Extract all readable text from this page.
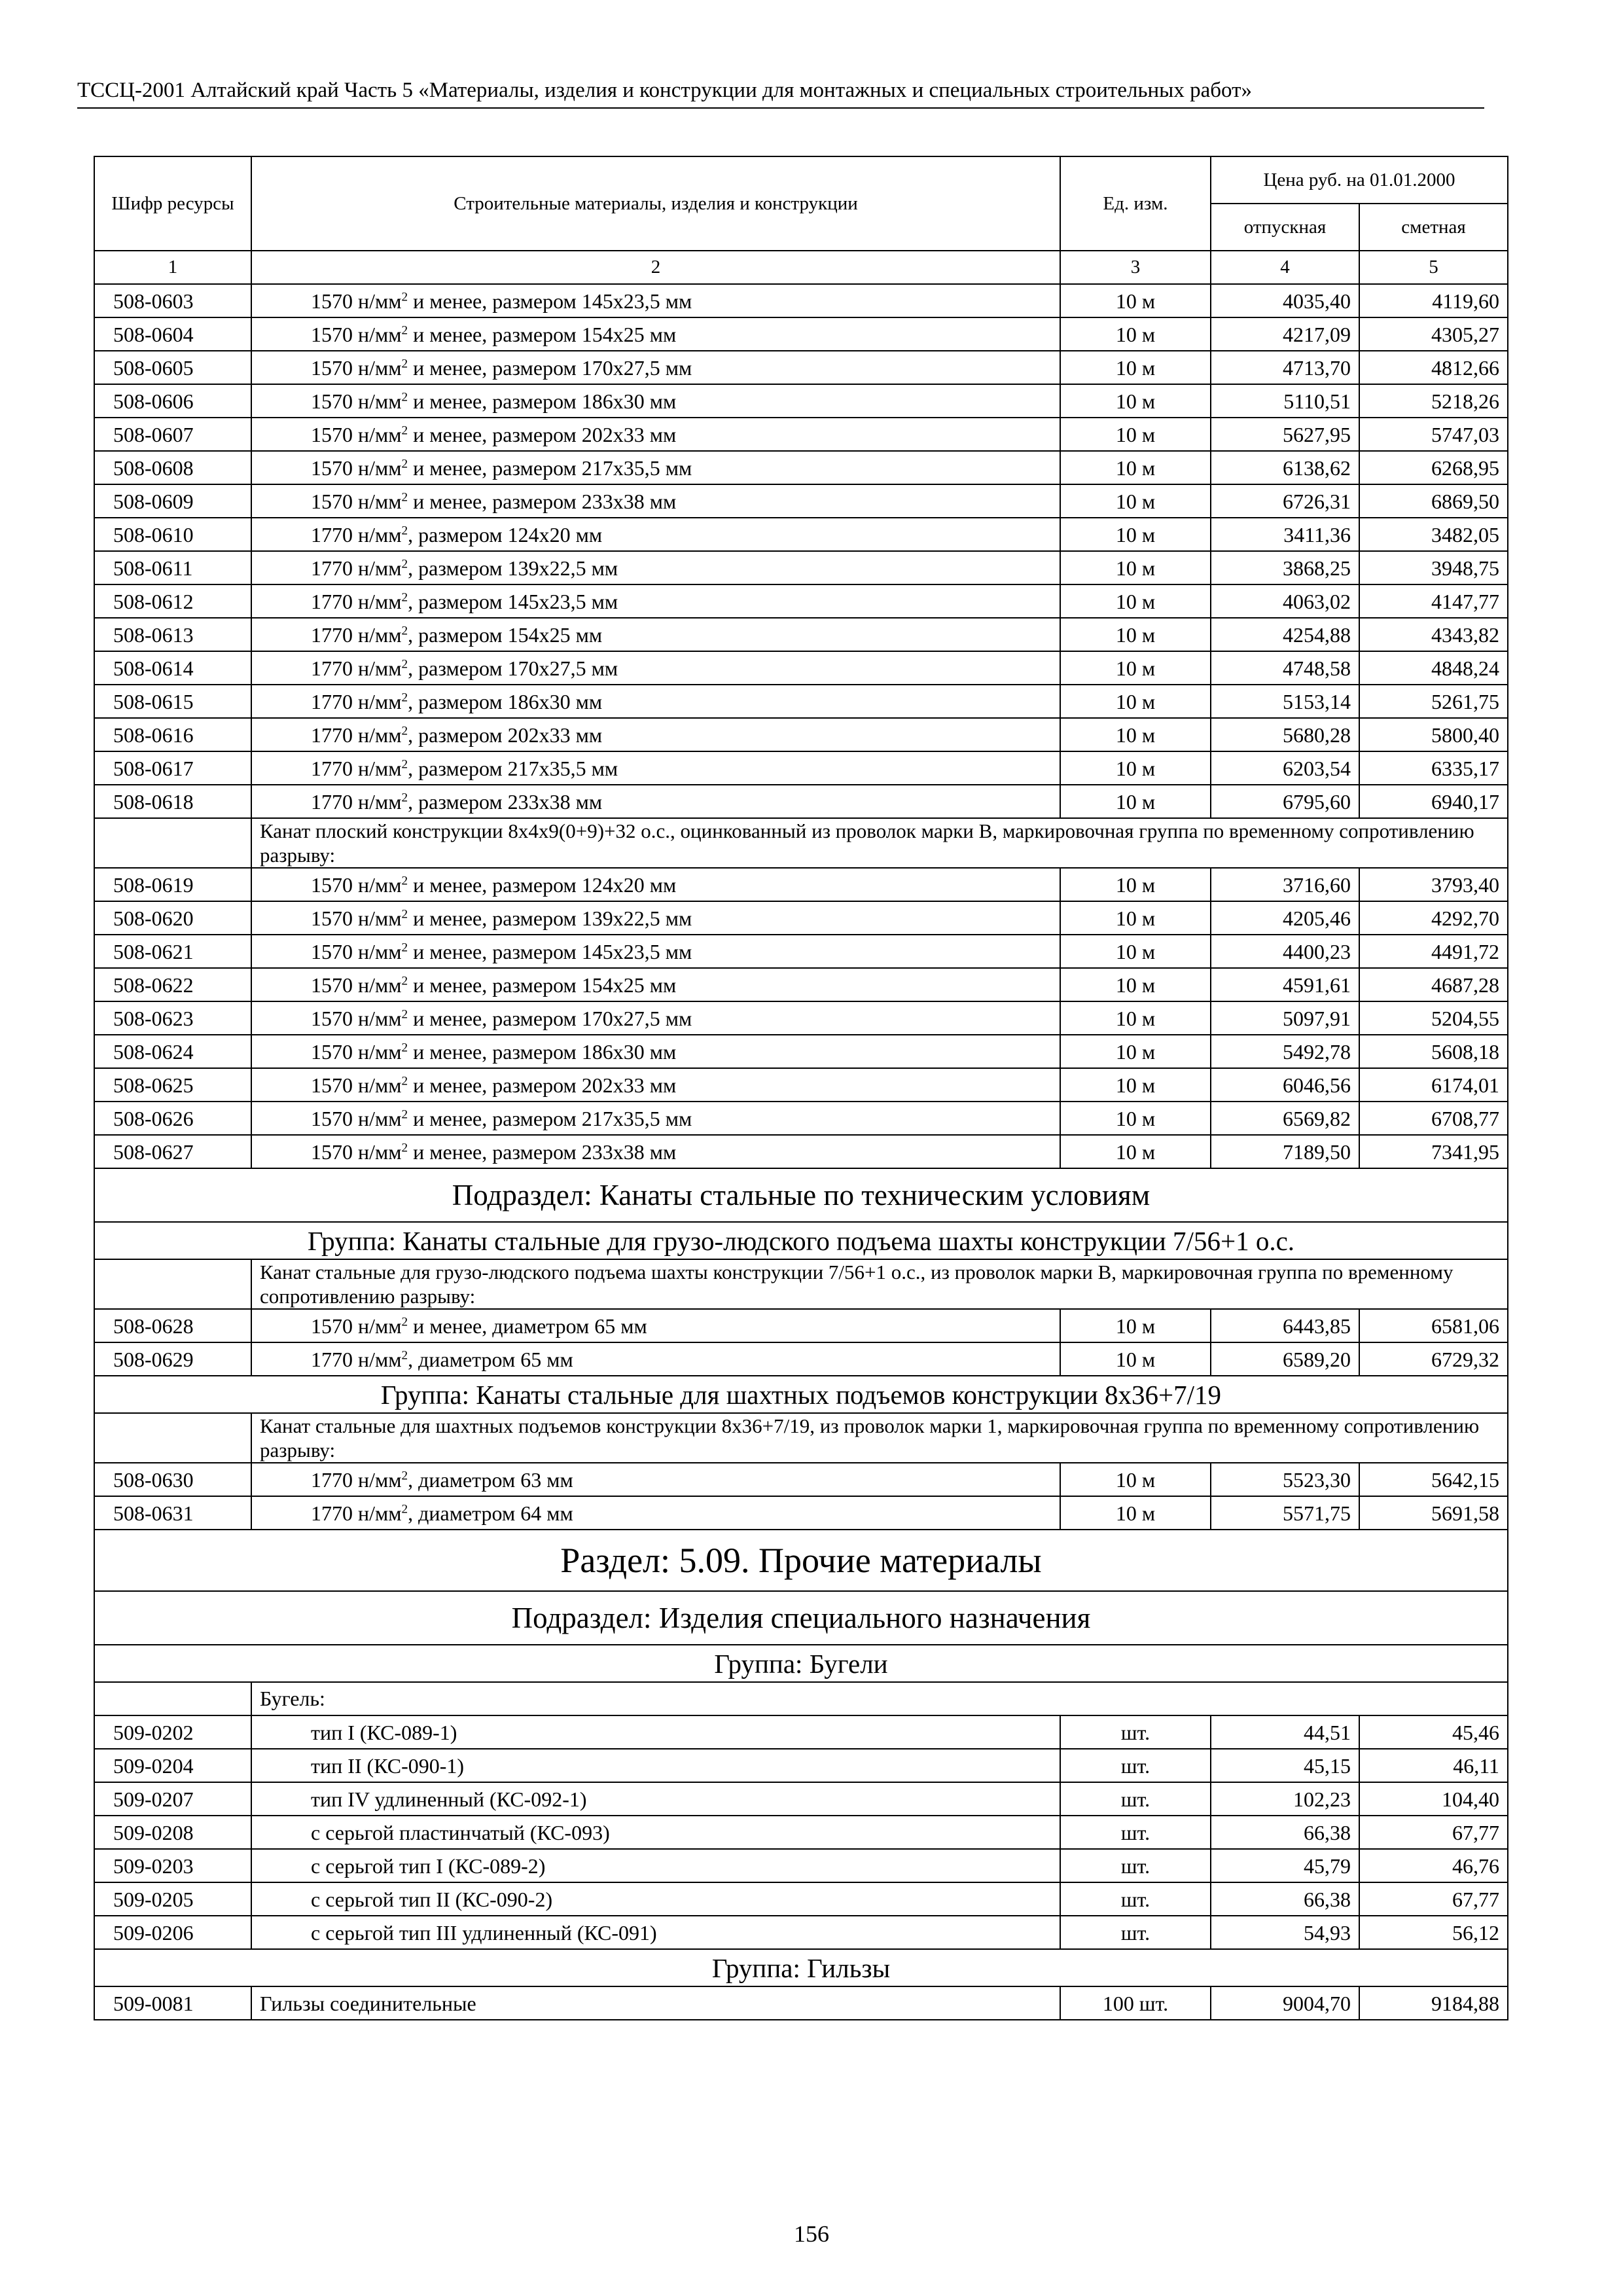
ТССЦ-2001 Алтайский край Часть 5 «Материалы, изделия и конструкции для монтажных и специальных строительных работ»
Шифр ресурсы	Строительные материалы, изделия и конструкции	Ед. изм.	Цена руб. на 01.01.2000	
			отпускная	сметная
1	2	3	4	5
508-0603	1570 $н/мм^2$ и менее, размером 145х23,5 мм	10 м	4035,40	4119,60
508-0604	1570 $н/мм^2$ и менее, размером 154х25 мм	10 м	4217,09	4305,27
508-0605	1570 $н/мм^2$ и менее, размером 170х27,5 мм	10 м	4713,70	4812,66
508-0606	1570 $н/мм^2$ и менее, размером 186х30 мм	10 м	5110,51	5218,26
508-0607	1570 $н/мм^2$ и менее, размером 202х33 мм	10 м	5627,95	5747,03
508-0608	1570 $н/мм^2$ и менее, размером 217х35,5 мм	10 м	6138,62	6268,95
508-0609	1570 $н/мм^2$ и менее, размером 233х38 мм	10 м	6726,31	6869,50
508-0610	1770 $н/мм^2$, размером 124х20 мм	10 м	3411,36	3482,05
508-0611	1770 $н/мм^2$, размером 139х22,5 мм	10 м	3868,25	3948,75
508-0612	1770 $н/мм^2$, размером 145х23,5 мм	10 м	4063,02	4147,77
508-0613	1770 $н/мм^2$, размером 154х25 мм	10 м	4254,88	4343,82
508-0614	1770 $н/мм^2$, размером 170х27,5 мм	10 м	4748,58	4848,24
508-0615	1770 $н/мм^2$, размером 186х30 мм	10 м	5153,14	5261,75
508-0616	1770 $н/мм^2$, размером 202х33 мм	10 м	5680,28	5800,40
508-0617	1770 $н/мм^2$, размером 217х35,5 мм	10 м	6203,54	6335,17
508-0618	1770 $н/мм^2$, размером 233х38 мм	10 м	6795,60	6940,17
	Канат плоский конструкции 8х4х9(0+9)+32 о.с., оцинкованный из проволок марки В, маркировочная группа по временному сопротивлению разрыву:			
508-0619	1570 $н/мм^2$ и менее, размером 124х20 мм	10 м	3716,60	3793,40
508-0620	1570 $н/мм^2$ и менее, размером 139х22,5 мм	10 м	4205,46	4292,70
508-0621	1570 $н/мм^2$ и менее, размером 145х23,5 мм	10 м	4400,23	4491,72
508-0622	1570 $н/мм^2$ и менее, размером 154х25 мм	10 м	4591,61	4687,28
508-0623	1570 $н/мм^2$ и менее, размером 170х27,5 мм	10 м	5097,91	5204,55
508-0624	1570 $н/мм^2$ и менее, размером 186х30 мм	10 м	5492,78	5608,18
508-0625	1570 $н/мм^2$ и менее, размером 202х33 мм	10 м	6046,56	6174,01
508-0626	1570 $н/мм^2$ и менее, размером 217х35,5 мм	10 м	6569,82	6708,77
508-0627	1570 $н/мм^2$ и менее, размером 233х38 мм	10 м	7189,50	7341,95
Подраздел: Канаты стальные по техническим условиям				
Группа: Канаты стальные для грузо-людского подъема шахты конструкции 7/56+1 о.с.				
	Канат стальные для грузо-людского подъема шахты конструкции 7/56+1 о.с., из проволок марки В, маркировочная группа по временному сопротивлению разрыву:			
508-0628	1570 $н/мм^2$ и менее, диаметром 65 мм	10 м	6443,85	6581,06
508-0629	1770 $н/мм^2$, диаметром 65 мм	10 м	6589,20	6729,32
Группа: Канаты стальные для шахтных подъемов конструкции 8х36+7/19				
	Канат стальные для шахтных подъемов конструкции 8х36+7/19, из проволок марки 1, маркировочная группа по временному сопротивлению разрыву:			
508-0630	1770 $н/мм^2$, диаметром 63 мм	10 м	5523,30	5642,15
508-0631	1770 $н/мм^2$, диаметром 64 мм	10 м	5571,75	5691,58
Раздел: 5.09. Прочие материалы				
Подраздел: Изделия специального назначения				
Группа: Бугели				
	Бугель:			
509-0202	тип I (КС-089-1)	шт.	44,51	45,46
509-0204	тип II (КС-090-1)	шт.	45,15	46,11
509-0207	тип IV удлиненный (КС-092-1)	шт.	102,23	104,40
509-0208	с серьгой пластинчатый (КС-093)	шт.	66,38	67,77
509-0203	с серьгой тип I (КС-089-2)	шт.	45,79	46,76
509-0205	с серьгой тип II (КС-090-2)	шт.	66,38	67,77
509-0206	с серьгой тип III удлиненный (КС-091)	шт.	54,93	56,12
Группа: Гильзы				
509-0081	Гильзы соединительные	100 шт.	9004,70	9184,88
156
